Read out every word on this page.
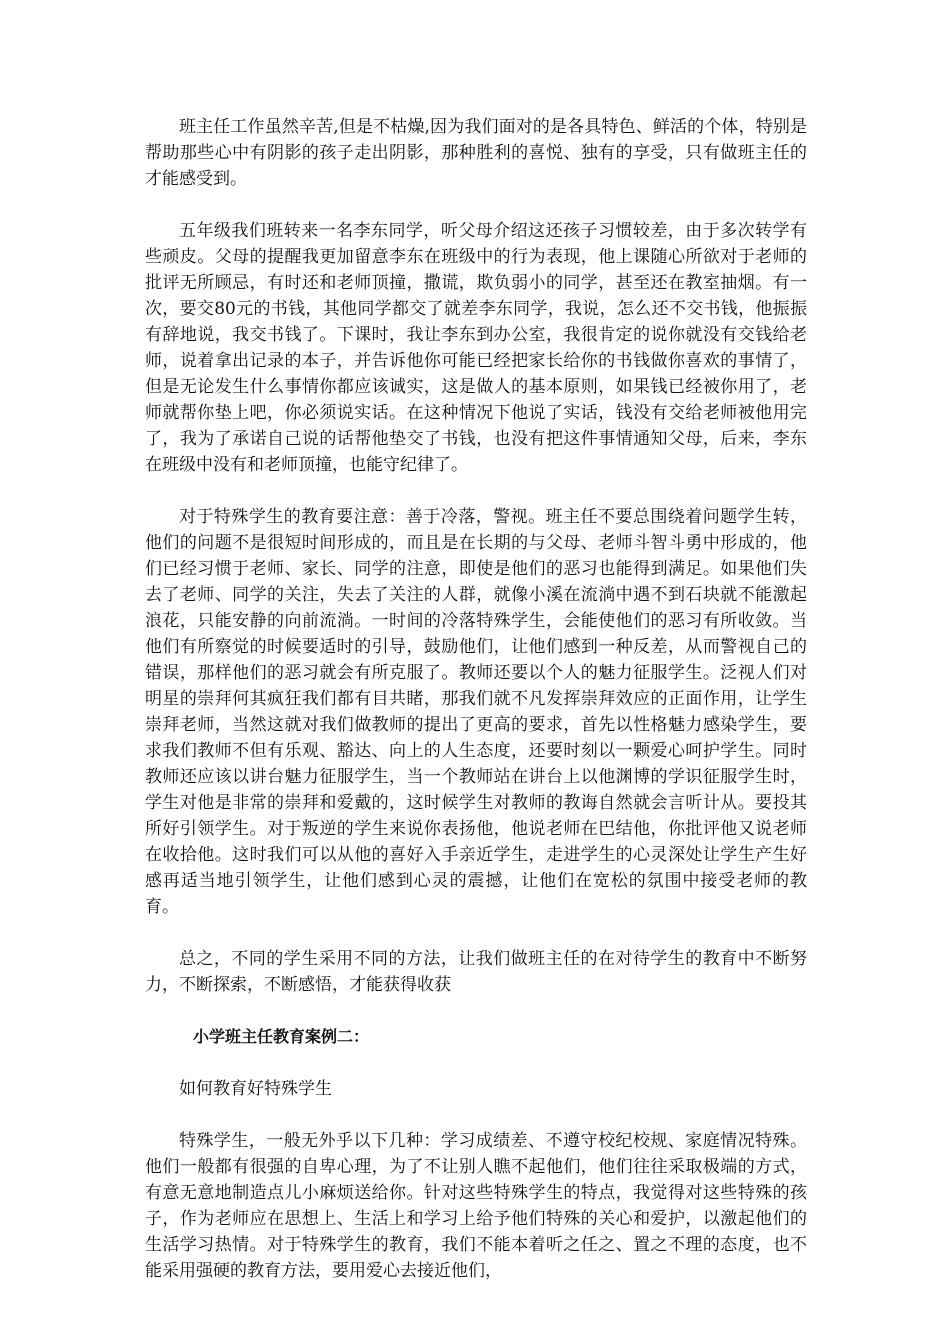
班主任工作虽然辛苦,但是不枯燥,因为我们面对的是各具特色、鲜活的个体，特别是帮助那些心中有阴影的孩子走出阴影，那种胜利的喜悦、独有的享受，只有做班主任的才能感受到。

五年级我们班转来一名李东同学，听父母介绍这还孩子习惯较差，由于多次转学有些顽皮。父母的提醒我更加留意李东在班级中的行为表现，他上课随心所欲对于老师的批评无所顾忌，有时还和老师顶撞，撒谎，欺负弱小的同学，甚至还在教室抽烟。有一次，要交80元的书钱，其他同学都交了就差李东同学，我说，怎么还不交书钱，他振振有辞地说，我交书钱了。下课时，我让李东到办公室，我很肯定的说你就没有交钱给老师，说着拿出记录的本子，并告诉他你可能已经把家长给你的书钱做你喜欢的事情了，但是无论发生什么事情你都应该诚实，这是做人的基本原则，如果钱已经被你用了，老师就帮你垫上吧，你必须说实话。在这种情况下他说了实话，钱没有交给老师被他用完了，我为了承诺自己说的话帮他垫交了书钱，也没有把这件事情通知父母，后来，李东在班级中没有和老师顶撞，也能守纪律了。

对于特殊学生的教育要注意：善于冷落，警视。班主任不要总围绕着问题学生转，他们的问题不是很短时间形成的，而且是在长期的与父母、老师斗智斗勇中形成的，他们已经习惯于老师、家长、同学的注意，即使是他们的恶习也能得到满足。如果他们失去了老师、同学的关注，失去了关注的人群，就像小溪在流淌中遇不到石块就不能激起浪花，只能安静的向前流淌。一时间的冷落特殊学生，会能使他们的恶习有所收敛。当他们有所察觉的时候要适时的引导，鼓励他们，让他们感到一种反差，从而警视自己的错误，那样他们的恶习就会有所克服了。教师还要以个人的魅力征服学生。泛视人们对明星的崇拜何其疯狂我们都有目共睹，那我们就不凡发挥崇拜效应的正面作用，让学生崇拜老师，当然这就对我们做教师的提出了更高的要求，首先以性格魅力感染学生，要求我们教师不但有乐观、豁达、向上的人生态度，还要时刻以一颗爱心呵护学生。同时教师还应该以讲台魅力征服学生，当一个教师站在讲台上以他渊博的学识征服学生时，学生对他是非常的崇拜和爱戴的，这时候学生对教师的教诲自然就会言听计从。要投其所好引领学生。对于叛逆的学生来说你表扬他，他说老师在巴结他，你批评他又说老师在收拾他。这时我们可以从他的喜好入手亲近学生，走进学生的心灵深处让学生产生好感再适当地引领学生，让他们感到心灵的震撼，让他们在宽松的氛围中接受老师的教育。

总之，不同的学生采用不同的方法，让我们做班主任的在对待学生的教育中不断努力，不断探索，不断感悟，才能获得收获

小学班主任教育案例二：

如何教育好特殊学生

特殊学生，一般无外乎以下几种：学习成绩差、不遵守校纪校规、家庭情况特殊。他们一般都有很强的自卑心理，为了不让别人瞧不起他们，他们往往采取极端的方式，有意无意地制造点儿小麻烦送给你。针对这些特殊学生的特点，我觉得对这些特殊的孩子，作为老师应在思想上、生活上和学习上给予他们特殊的关心和爱护，以激起他们的生活学习热情。对于特殊学生的教育，我们不能本着听之任之、置之不理的态度，也不能采用强硬的教育方法，要用爱心去接近他们，
